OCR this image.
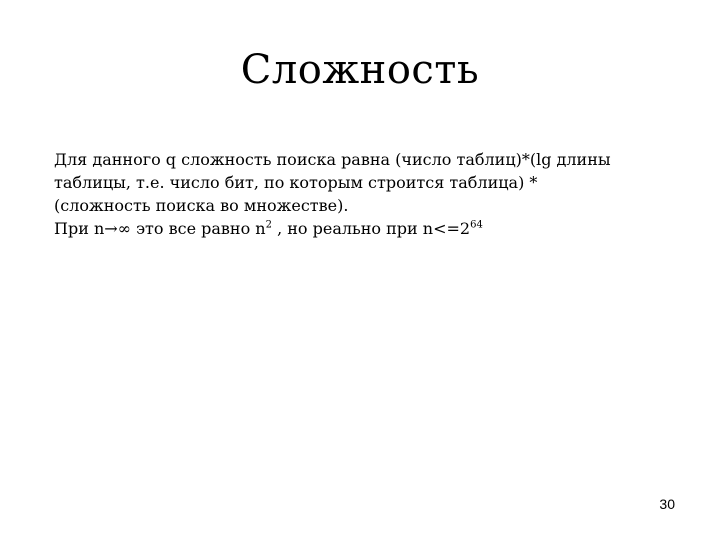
Сложность

Для данного q сложность поиска равна (число таблиц)*(lg длины

таблицы, т.е. число бит, по которым строится таблица) *

(сложность поиска во множестве).

При n→∞ это все равно $n^2$ , но реально при $n<=2^{64}$

30
